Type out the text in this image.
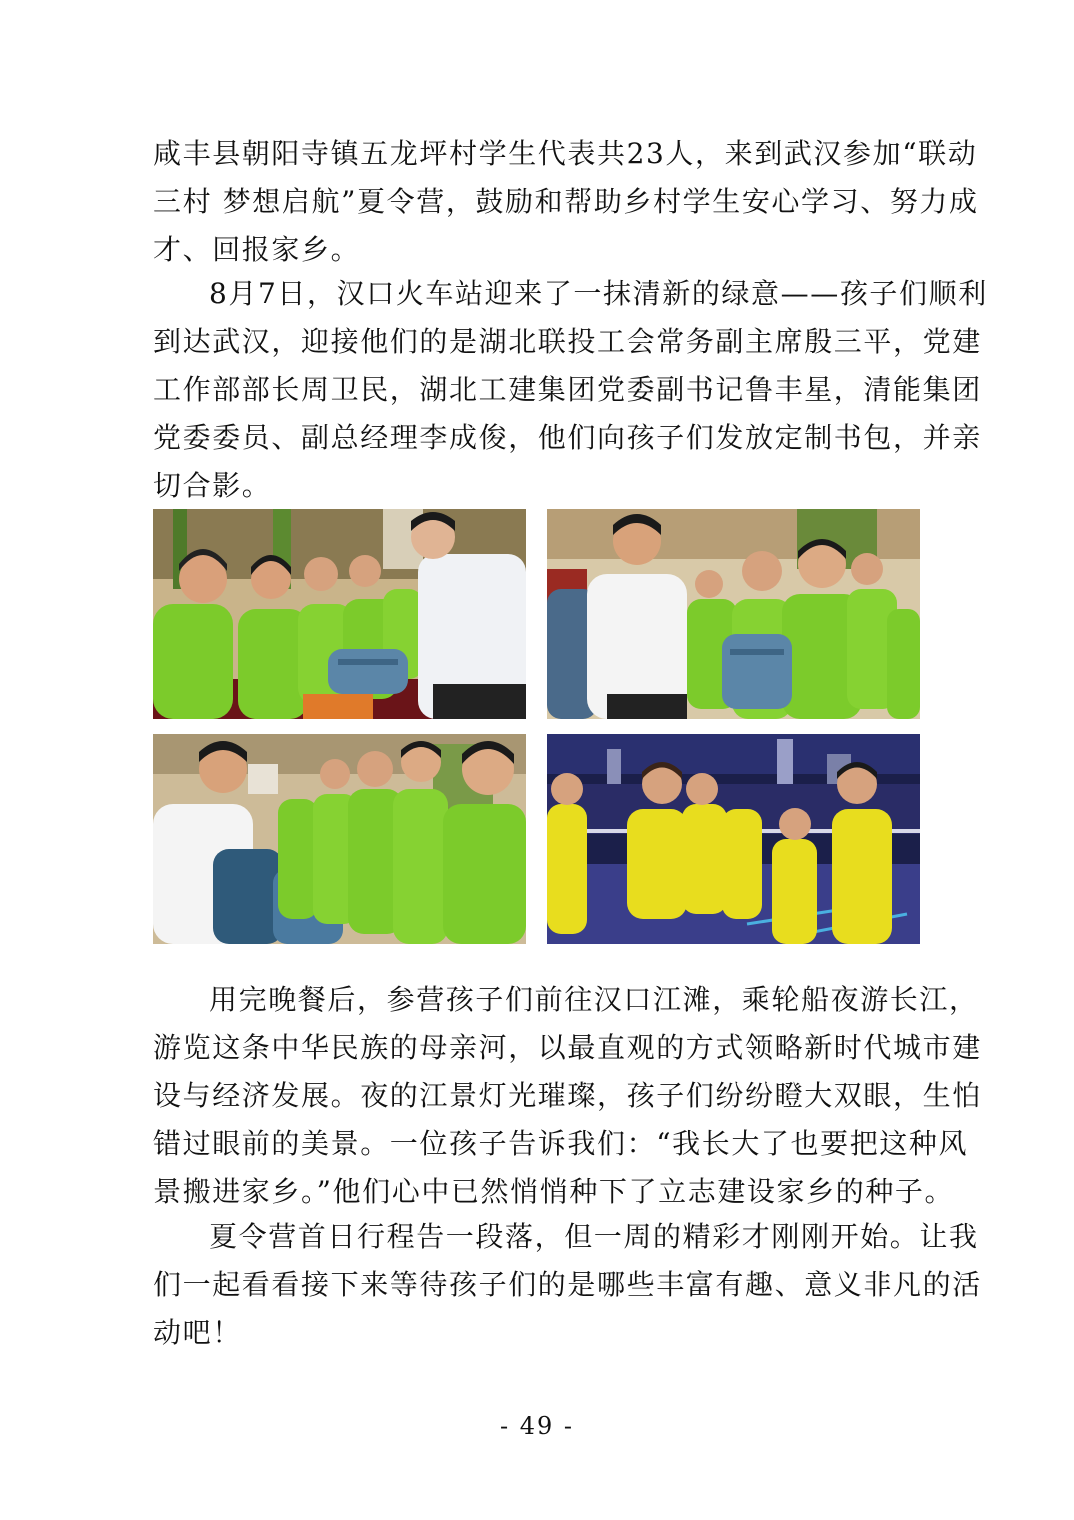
咸丰县朝阳寺镇五龙坪村学生代表共23人，来到武汉参加“联动
三村 梦想启航”夏令营，鼓励和帮助乡村学生安心学习、努力成
才、回报家乡。

8月7日，汉口火车站迎来了一抹清新的绿意——孩子们顺利
到达武汉，迎接他们的是湖北联投工会常务副主席殷三平，党建
工作部部长周卫民，湖北工建集团党委副书记鲁丰星，清能集团
党委委员、副总经理李成俊，他们向孩子们发放定制书包，并亲
切合影。

用完晚餐后，参营孩子们前往汉口江滩，乘轮船夜游长江，
游览这条中华民族的母亲河，以最直观的方式领略新时代城市建
设与经济发展。夜的江景灯光璀璨，孩子们纷纷瞪大双眼，生怕
错过眼前的美景。一位孩子告诉我们：“我长大了也要把这种风
景搬进家乡。”他们心中已然悄悄种下了立志建设家乡的种子。

夏令营首日行程告一段落，但一周的精彩才刚刚开始。让我
们一起看看接下来等待孩子们的是哪些丰富有趣、意义非凡的活
动吧！

- 49 -
